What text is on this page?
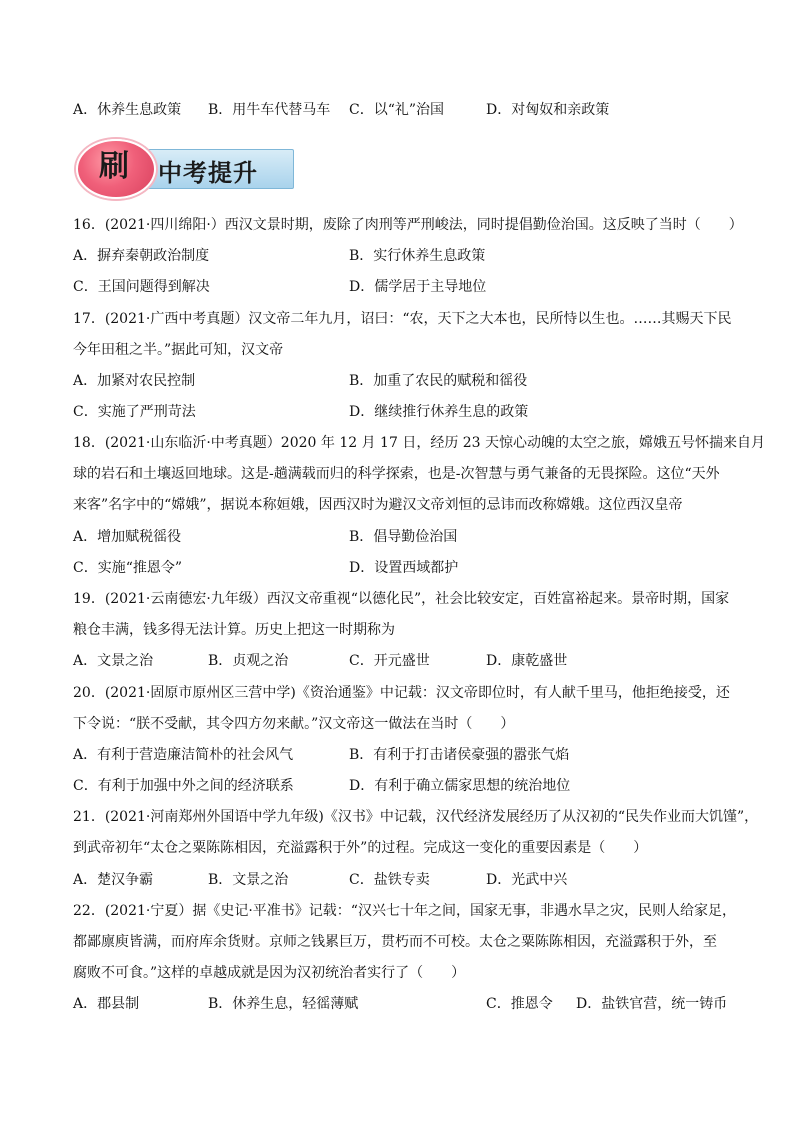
A．休养生息政策 B．用牛车代替马车 C．以“礼”治国	D．对匈奴和亲政策
刷	中考提升
16．(2021·四川绵阳·）西汉文景时期，废除了肉刑等严刑峻法，同时提倡勤俭治国。这反映了当时（　　）
A．摒弃秦朝政治制度	B．实行休养生息政策
C．王国问题得到解决	D．儒学居于主导地位
17．(2021·广西中考真题）汉文帝二年九月，诏曰：“农，天下之大本也，民所恃以生也。……其赐天下民
今年田租之半。”据此可知，汉文帝
A．加紧对农民控制	B．加重了农民的赋税和徭役
C．实施了严刑苛法	D．继续推行休养生息的政策
18．(2021·山东临沂·中考真题）2020 年 12 月 17 日，经历 23 天惊心动魄的太空之旅，嫦娥五号怀揣来自月
球的岩石和土壤返回地球。这是-趟满载而归的科学探索，也是-次智慧与勇气兼备的无畏探险。这位“天外
来客”名字中的“嫦娥”，据说本称姮娥，因西汉时为避汉文帝刘恒的忌讳而改称嫦娥。这位西汉皇帝
A．增加赋税徭役	B．倡导勤俭治国
C．实施“推恩令”	D．设置西域都护
19．(2021·云南德宏·九年级）西汉文帝重视“以德化民”，社会比较安定，百姓富裕起来。景帝时期，国家
粮仓丰满，钱多得无法计算。历史上把这一时期称为
A．文景之治	B．贞观之治	C．开元盛世	D．康乾盛世
20．(2021·固原市原州区三营中学)《资治通鉴》中记载：汉文帝即位时，有人献千里马，他拒绝接受，还
下令说：“朕不受献，其令四方勿来献。”汉文帝这一做法在当时（　　）
A．有利于营造廉洁简朴的社会风气	B．有利于打击诸侯豪强的嚣张气焰
C．有利于加强中外之间的经济联系	D．有利于确立儒家思想的统治地位
21．(2021·河南郑州外国语中学九年级)《汉书》中记载，汉代经济发展经历了从汉初的“民失作业而大饥馑”，
到武帝初年“太仓之粟陈陈相因，充溢露积于外”的过程。完成这一变化的重要因素是（　　）
A．楚汉争霸	B．文景之治	C．盐铁专卖	D．光武中兴
22．(2021·宁夏）据《史记·平准书》记载：“汉兴七十年之间，国家无事，非遇水旱之灾，民则人给家足，
都鄙廪庾皆满，而府库余货财。京师之钱累巨万，贯朽而不可校。太仓之粟陈陈相因，充溢露积于外，至
腐败不可食。”这样的卓越成就是因为汉初统治者实行了（　　）
A．郡县制	B．休养生息，轻徭薄赋	C．推恩令 D．盐铁官营，统一铸币
